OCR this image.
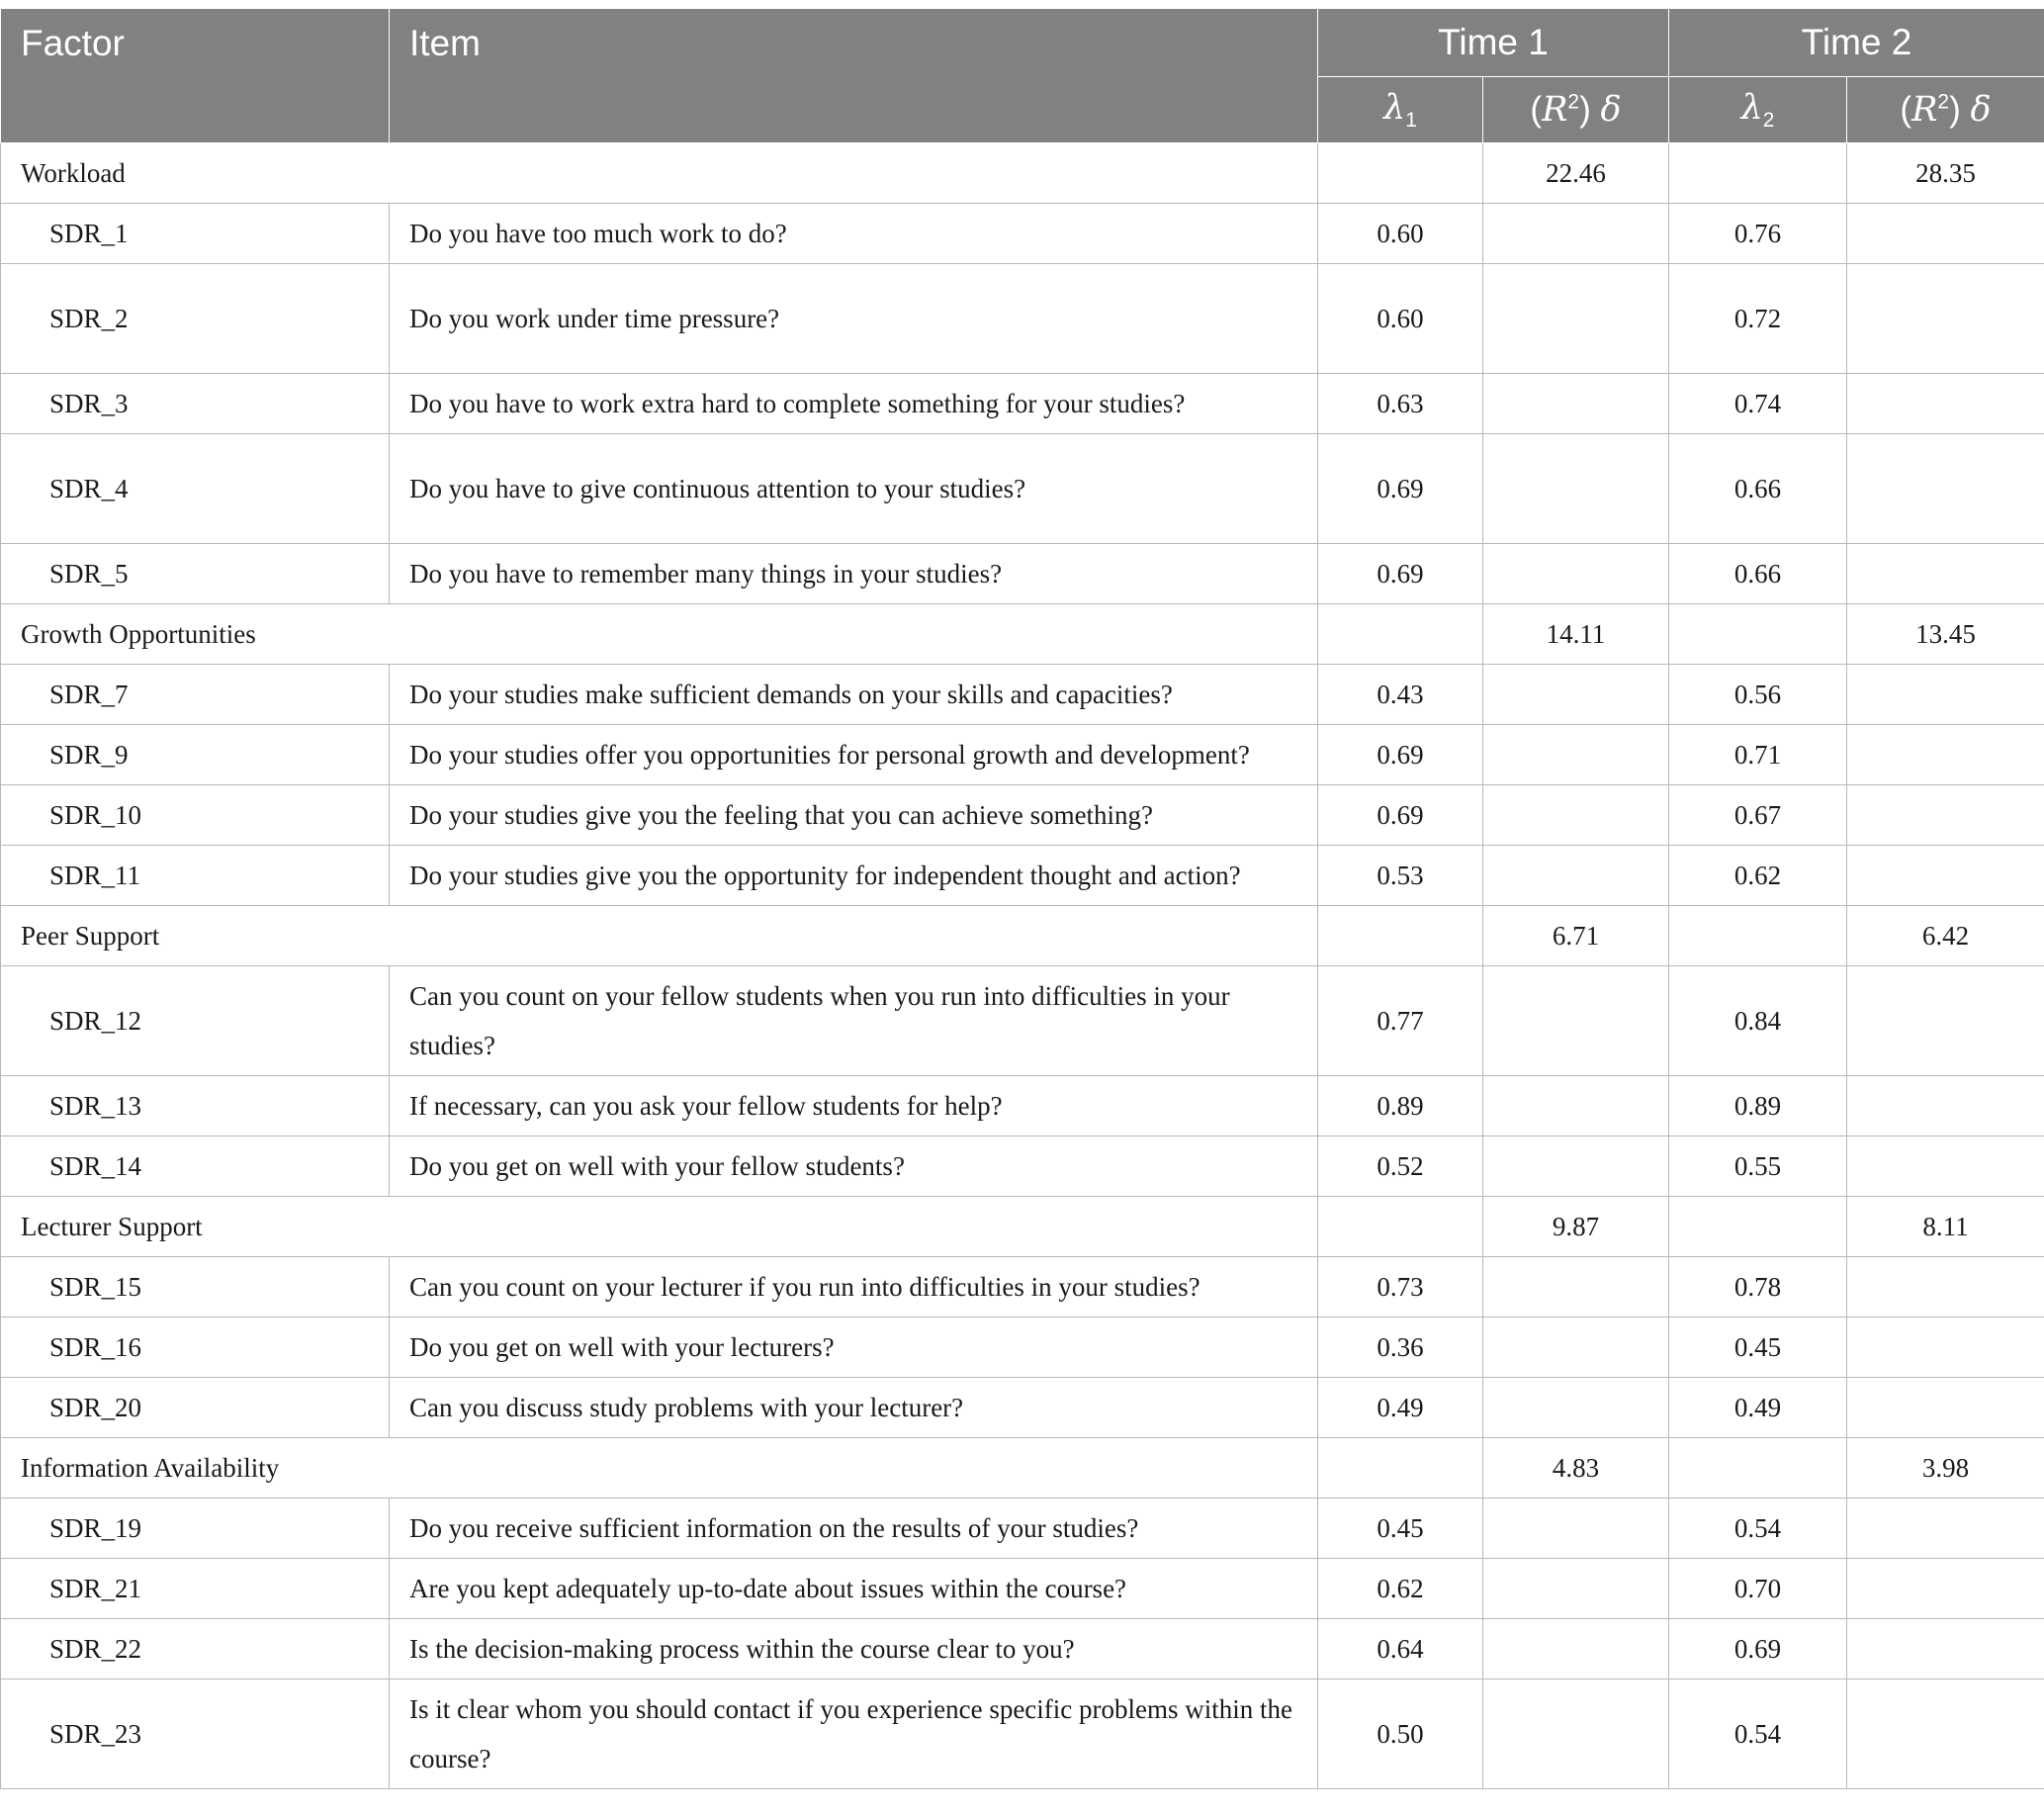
Factor	Item	Time 1		Time 2	
		$\lambda_1$	$(R^2)$ δ	$\lambda_2$	$(R^2)$ δ
Workload			22.46		28.35
SDR_1	Do you have too much work to do?	0.60		0.76	
SDR_2	Do you work under time pressure?	0.60		0.72	
SDR_3	Do you have to work extra hard to complete something for your studies?	0.63		0.74	
SDR_4	Do you have to give continuous attention to your studies?	0.69		0.66	
SDR_5	Do you have to remember many things in your studies?	0.69		0.66	
Growth Opportunities			14.11		13.45
SDR_7	Do your studies make sufficient demands on your skills and capacities?	0.43		0.56	
SDR_9	Do your studies offer you opportunities for personal growth and development?	0.69		0.71	
SDR_10	Do your studies give you the feeling that you can achieve something?	0.69		0.67	
SDR_11	Do your studies give you the opportunity for independent thought and action?	0.53		0.62	
Peer Support			6.71		6.42
SDR_12	Can you count on your fellow students when you run into difficulties in your studies?	0.77		0.84	
SDR_13	If necessary, can you ask your fellow students for help?	0.89		0.89	
SDR_14	Do you get on well with your fellow students?	0.52		0.55	
Lecturer Support			9.87		8.11
SDR_15	Can you count on your lecturer if you run into difficulties in your studies?	0.73		0.78	
SDR_16	Do you get on well with your lecturers?	0.36		0.45	
SDR_20	Can you discuss study problems with your lecturer?	0.49		0.49	
Information Availability			4.83		3.98
SDR_19	Do you receive sufficient information on the results of your studies?	0.45		0.54	
SDR_21	Are you kept adequately up-to-date about issues within the course?	0.62		0.70	
SDR_22	Is the decision-making process within the course clear to you?	0.64		0.69	
SDR_23	Is it clear whom you should contact if you experience specific problems within the course?	0.50		0.54	
